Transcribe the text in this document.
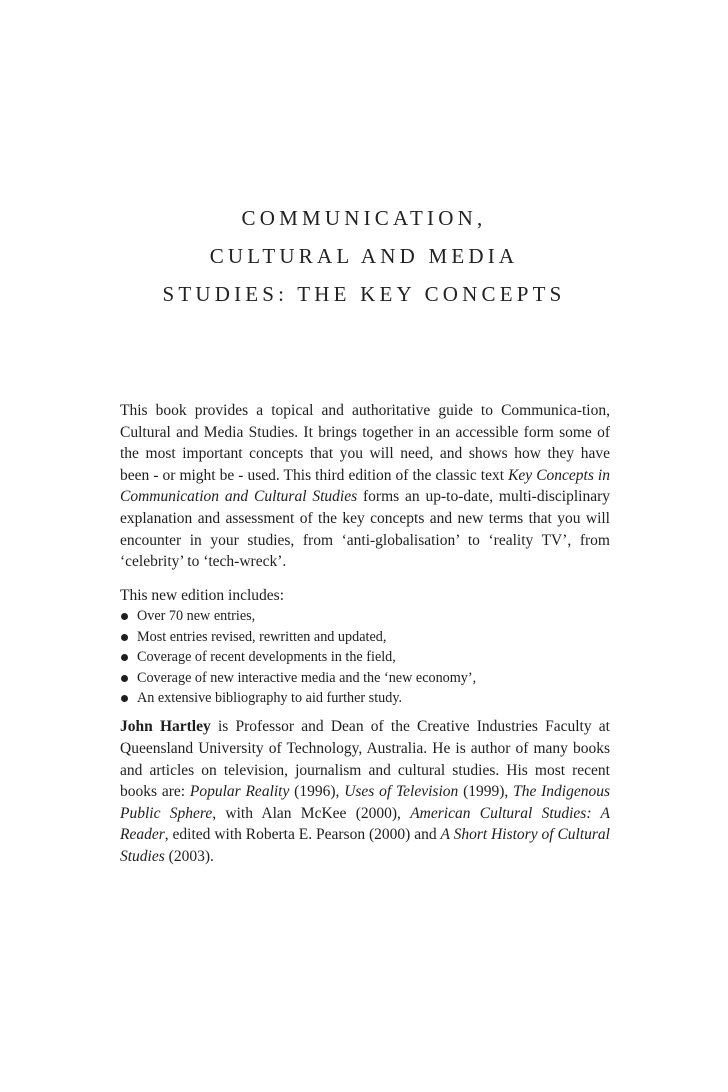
COMMUNICATION,
CULTURAL AND MEDIA
STUDIES: THE KEY CONCEPTS

This book provides a topical and authoritative guide to Communica-tion, Cultural and Media Studies. It brings together in an accessible form some of the most important concepts that you will need, and shows how they have been - or might be - used. This third edition of the classic text Key Concepts in Communication and Cultural Studies forms an up-to-date, multi-disciplinary explanation and assessment of the key concepts and new terms that you will encounter in your studies, from ‘anti-globalisation’ to ‘reality TV’, from ‘celebrity’ to ‘tech-wreck’.

This new edition includes:

Over 70 new entries,
Most entries revised, rewritten and updated,
Coverage of recent developments in the field,
Coverage of new interactive media and the ‘new economy’,
An extensive bibliography to aid further study.

John Hartley is Professor and Dean of the Creative Industries Faculty at Queensland University of Technology, Australia. He is author of many books and articles on television, journalism and cultural studies. His most recent books are: Popular Reality (1996), Uses of Television (1999), The Indigenous Public Sphere, with Alan McKee (2000), American Cultural Studies: A Reader, edited with Roberta E. Pearson (2000) and A Short History of Cultural Studies (2003).
